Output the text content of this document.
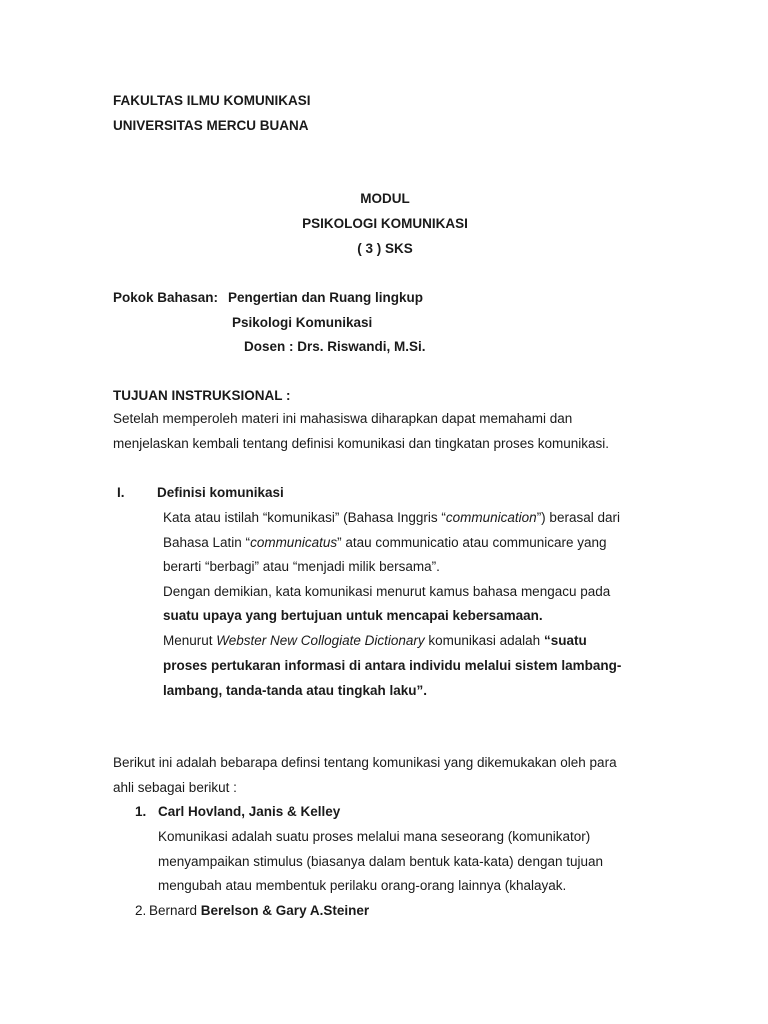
FAKULTAS ILMU KOMUNIKASI
UNIVERSITAS MERCU BUANA
MODUL
PSIKOLOGI KOMUNIKASI
( 3 ) SKS
Pokok Bahasan: Pengertian dan Ruang lingkup
Psikologi Komunikasi
Dosen : Drs. Riswandi, M.Si.
TUJUAN INSTRUKSIONAL :
Setelah memperoleh materi ini mahasiswa diharapkan dapat memahami dan
menjelaskan kembali tentang definisi komunikasi dan tingkatan proses komunikasi.
I. Definisi komunikasi
Kata atau istilah “komunikasi” (Bahasa Inggris “communication”) berasal dari
Bahasa Latin “communicatus” atau communicatio atau communicare yang
berarti “berbagi” atau “menjadi milik bersama”.
Dengan demikian, kata komunikasi menurut kamus bahasa mengacu pada
suatu upaya yang bertujuan untuk mencapai kebersamaan.
Menurut Webster New Collogiate Dictionary komunikasi adalah “suatu
proses pertukaran informasi di antara individu melalui sistem lambang-
lambang, tanda-tanda atau tingkah laku”.
Berikut ini adalah bebarapa definsi tentang komunikasi yang dikemukakan oleh para
ahli sebagai berikut :
1. Carl Hovland, Janis & Kelley
Komunikasi adalah suatu proses melalui mana seseorang (komunikator)
menyampaikan stimulus (biasanya dalam bentuk kata-kata) dengan tujuan
mengubah atau membentuk perilaku orang-orang lainnya (khalayak.
2. Bernard Berelson & Gary A.Steiner
